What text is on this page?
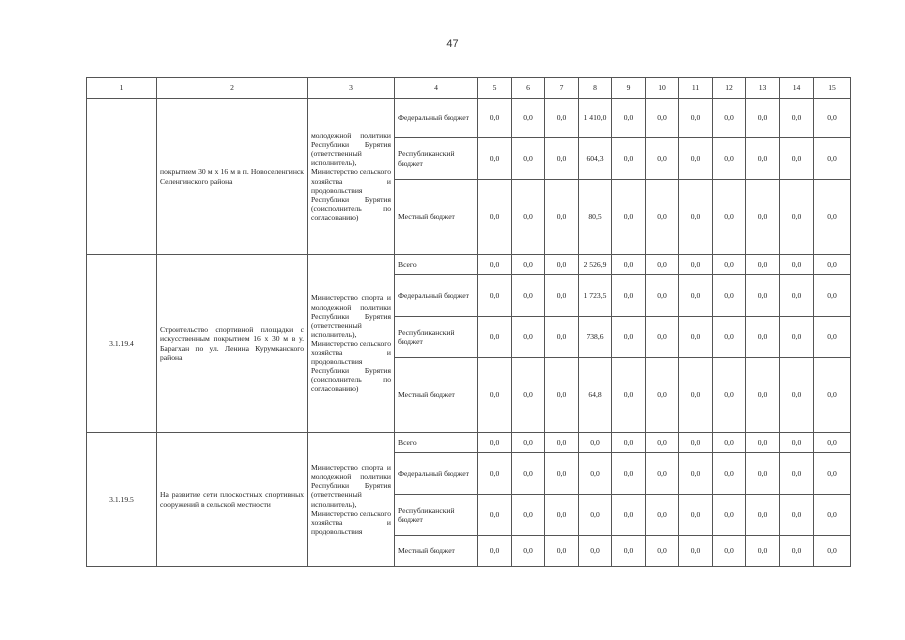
47
1	2	3	4	5	6	7	8	9	10	11	12	13	14	15
	покрытием 30 м х 16 м в п. Новоселенгинск Селенгинского района	молодежной политики Республики Бурятия (ответственный исполнитель), Министерство сельского хозяйства и продовольствия Республики Бурятия (соисполнитель по согласованию)	Федеральный бюджет	0,0	0,0	0,0	1 410,0	0,0	0,0	0,0	0,0	0,0	0,0	0,0
			Республиканский бюджет	0,0	0,0	0,0	604,3	0,0	0,0	0,0	0,0	0,0	0,0	0,0
			Местный бюджет	0,0	0,0	0,0	80,5	0,0	0,0	0,0	0,0	0,0	0,0	0,0
3.1.19.4	Строительство спортивной площадки с искусственным покрытием 16 х 30 м в у. Барагхан по ул. Ленина Курумканского района	Министерство спорта и молодежной политики Республики Бурятия (ответственный исполнитель), Министерство сельского хозяйства и продовольствия Республики Бурятия (соисполнитель по согласованию)	Всего	0,0	0,0	0,0	2 526,9	0,0	0,0	0,0	0,0	0,0	0,0	0,0
			Федеральный бюджет	0,0	0,0	0,0	1 723,5	0,0	0,0	0,0	0,0	0,0	0,0	0,0
			Республиканский бюджет	0,0	0,0	0,0	738,6	0,0	0,0	0,0	0,0	0,0	0,0	0,0
			Местный бюджет	0,0	0,0	0,0	64,8	0,0	0,0	0,0	0,0	0,0	0,0	0,0
3.1.19.5	На развитие сети плоскостных спортивных сооружений в сельской местности	Министерство спорта и молодежной политики Республики Бурятия (ответственный исполнитель), Министерство сельского хозяйства и продовольствия	Всего	0,0	0,0	0,0	0,0	0,0	0,0	0,0	0,0	0,0	0,0	0,0
			Федеральный бюджет	0,0	0,0	0,0	0,0	0,0	0,0	0,0	0,0	0,0	0,0	0,0
			Республиканский бюджет	0,0	0,0	0,0	0,0	0,0	0,0	0,0	0,0	0,0	0,0	0,0
			Местный бюджет	0,0	0,0	0,0	0,0	0,0	0,0	0,0	0,0	0,0	0,0	0,0
